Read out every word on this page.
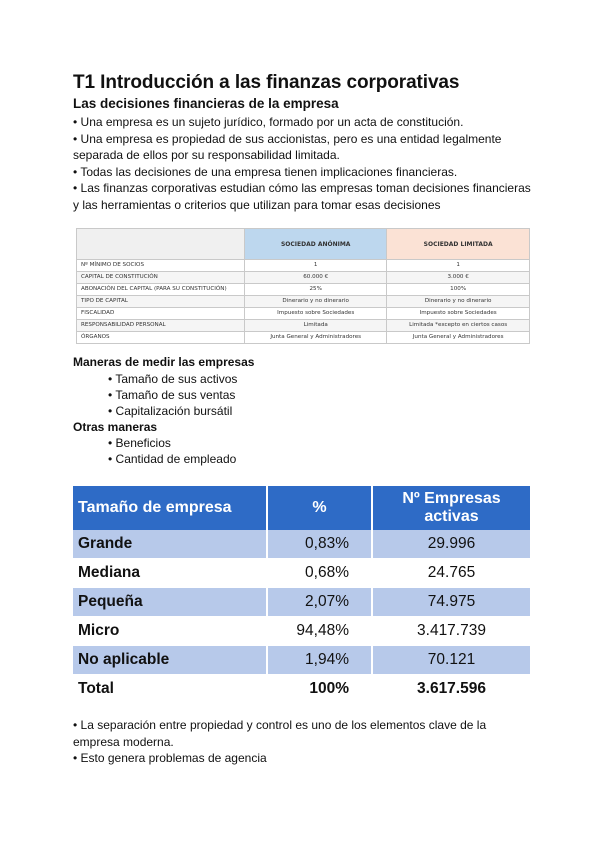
T1 Introducción a las finanzas corporativas
Las decisiones financieras de la empresa
• Una empresa es un sujeto jurídico, formado por un acta de constitución.
• Una empresa es propiedad de sus accionistas, pero es una entidad legalmente separada de ellos por su responsabilidad limitada.
• Todas las decisiones de una empresa tienen implicaciones financieras.
• Las finanzas corporativas estudian cómo las empresas toman decisiones financieras y las herramientas o criterios que utilizan para tomar esas decisiones
	SOCIEDAD ANÓNIMA	SOCIEDAD LIMITADA
Nº MÍNIMO DE SOCIOS	1	1
CAPITAL DE CONSTITUCIÓN	60.000 €	3.000 €
ABONACIÓN DEL CAPITAL (PARA SU CONSTITUCIÓN)	25%	100%
TIPO DE CAPITAL	Dinerario y no dinerario	Dinerario y no dinerario
FISCALIDAD	Impuesto sobre Sociedades	Impuesto sobre Sociedades
RESPONSABILIDAD PERSONAL	Limitada	Limitada *excepto en ciertos casos
ÓRGANOS	Junta General y Administradores	Junta General y Administradores

Maneras de medir las empresas

• Tamaño de sus activos
• Tamaño de sus ventas
• Capitalización bursátil

Otras maneras

• Beneficios
• Cantidad de empleado
Tamaño de empresa	%	Nº Empresas activas
Grande	0,83%	29.996
Mediana	0,68%	24.765
Pequeña	2,07%	74.975
Micro	94,48%	3.417.739
No aplicable	1,94%	70.121
Total	100%	3.617.596
• La separación entre propiedad y control es uno de los elementos clave de la empresa moderna.
• Esto genera problemas de agencia
